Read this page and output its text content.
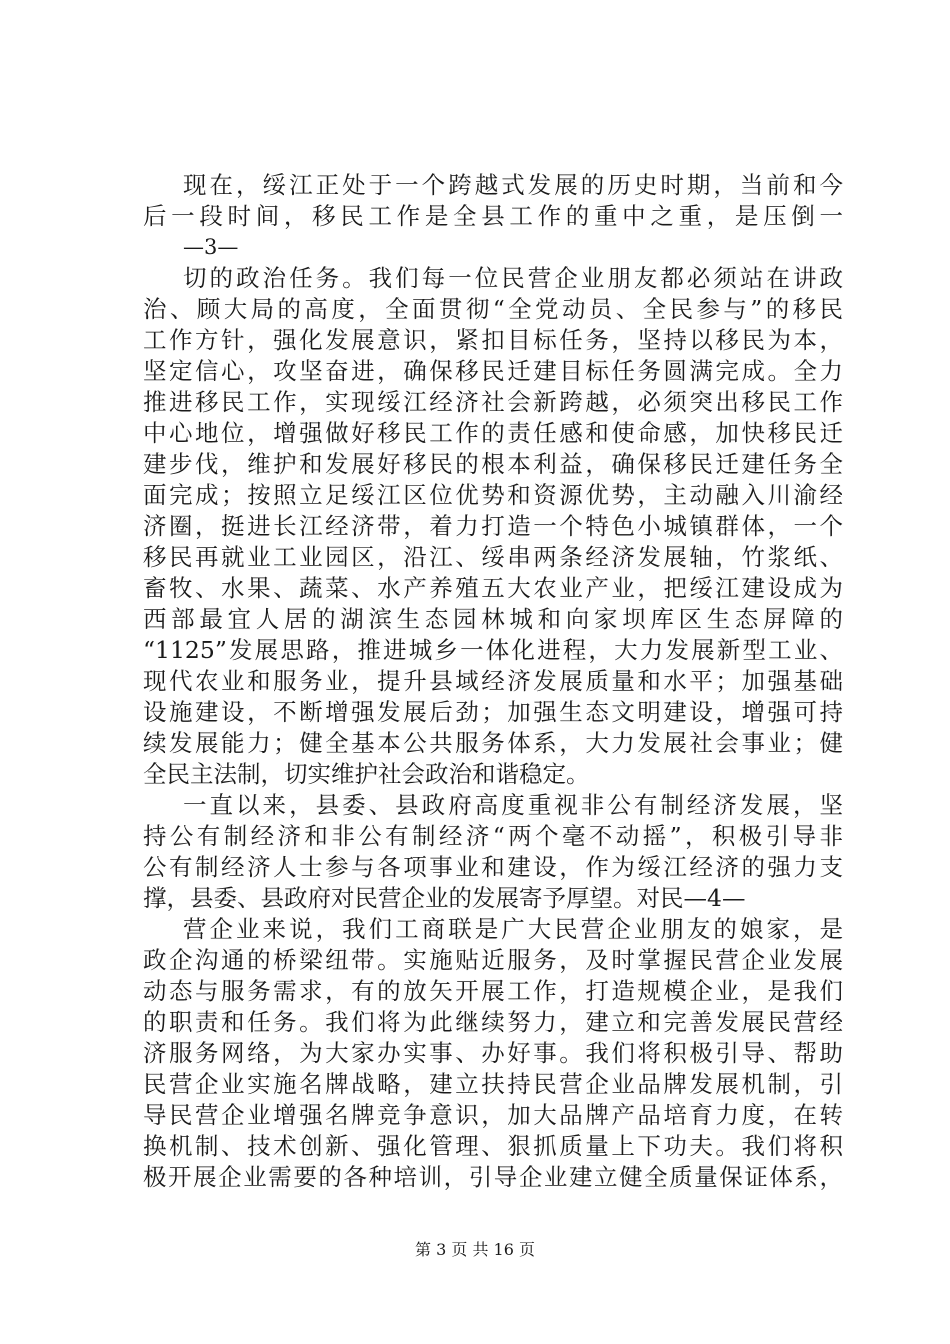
现在，绥江正处于一个跨越式发展的历史时期，当前和今
后一段时间，移民工作是全县工作的重中之重，是压倒一
—3—
切的政治任务。我们每一位民营企业朋友都必须站在讲政
治、顾大局的高度，全面贯彻“全党动员、全民参与”的移民
工作方针，强化发展意识，紧扣目标任务，坚持以移民为本，
坚定信心，攻坚奋进，确保移民迁建目标任务圆满完成。全力
推进移民工作，实现绥江经济社会新跨越，必须突出移民工作
中心地位，增强做好移民工作的责任感和使命感，加快移民迁
建步伐，维护和发展好移民的根本利益，确保移民迁建任务全
面完成；按照立足绥江区位优势和资源优势，主动融入川渝经
济圈，挺进长江经济带，着力打造一个特色小城镇群体，一个
移民再就业工业园区，沿江、绥串两条经济发展轴，竹浆纸、
畜牧、水果、蔬菜、水产养殖五大农业产业，把绥江建设成为
西部最宜人居的湖滨生态园林城和向家坝库区生态屏障的
“1125”发展思路，推进城乡一体化进程，大力发展新型工业、
现代农业和服务业，提升县域经济发展质量和水平；加强基础
设施建设，不断增强发展后劲；加强生态文明建设，增强可持
续发展能力；健全基本公共服务体系，大力发展社会事业；健
全民主法制，切实维护社会政治和谐稳定。
一直以来，县委、县政府高度重视非公有制经济发展，坚
持公有制经济和非公有制经济“两个毫不动摇”，积极引导非
公有制经济人士参与各项事业和建设，作为绥江经济的强力支
撑，县委、县政府对民营企业的发展寄予厚望。对民—4—
营企业来说，我们工商联是广大民营企业朋友的娘家，是
政企沟通的桥梁纽带。实施贴近服务，及时掌握民营企业发展
动态与服务需求，有的放矢开展工作，打造规模企业，是我们
的职责和任务。我们将为此继续努力，建立和完善发展民营经
济服务网络，为大家办实事、办好事。我们将积极引导、帮助
民营企业实施名牌战略，建立扶持民营企业品牌发展机制，引
导民营企业增强名牌竞争意识，加大品牌产品培育力度，在转
换机制、技术创新、强化管理、狠抓质量上下功夫。我们将积
极开展企业需要的各种培训，引导企业建立健全质量保证体系，
第 3 页 共 16 页
